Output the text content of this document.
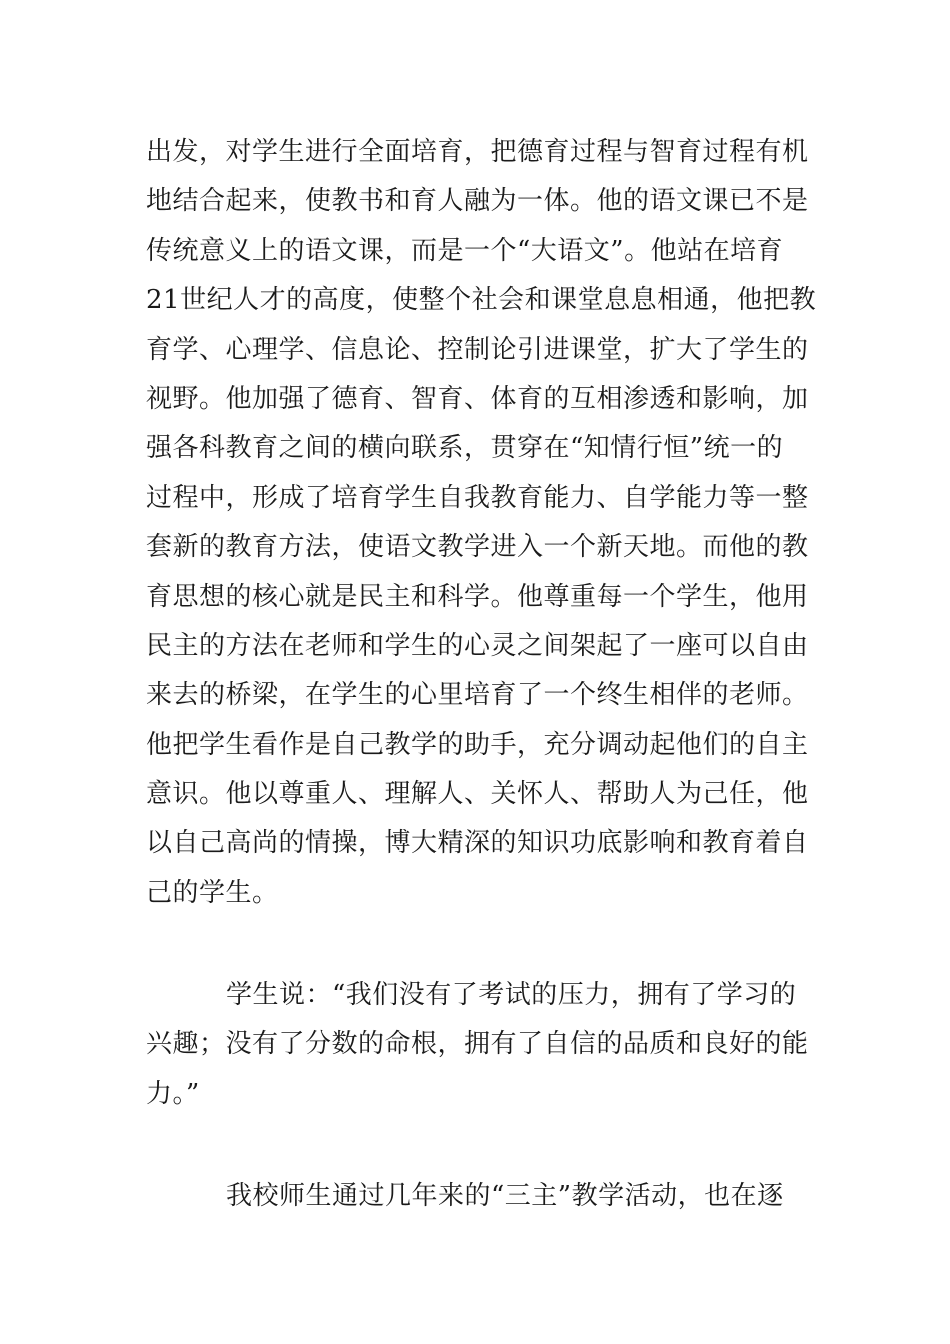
出发，对学生进行全面培育，把德育过程与智育过程有机
地结合起来，使教书和育人融为一体。他的语文课已不是
传统意义上的语文课，而是一个“大语文”。他站在培育
21世纪人才的高度，使整个社会和课堂息息相通，他把教
育学、心理学、信息论、控制论引进课堂，扩大了学生的
视野。他加强了德育、智育、体育的互相渗透和影响，加
强各科教育之间的横向联系，贯穿在“知情行恒”统一的
过程中，形成了培育学生自我教育能力、自学能力等一整
套新的教育方法，使语文教学进入一个新天地。而他的教
育思想的核心就是民主和科学。他尊重每一个学生，他用
民主的方法在老师和学生的心灵之间架起了一座可以自由
来去的桥梁，在学生的心里培育了一个终生相伴的老师。
他把学生看作是自己教学的助手，充分调动起他们的自主
意识。他以尊重人、理解人、关怀人、帮助人为己任，他
以自己高尚的情操，博大精深的知识功底影响和教育着自
己的学生。
学生说：“我们没有了考试的压力，拥有了学习的
兴趣；没有了分数的命根，拥有了自信的品质和良好的能
力。”
我校师生通过几年来的“三主”教学活动，也在逐
